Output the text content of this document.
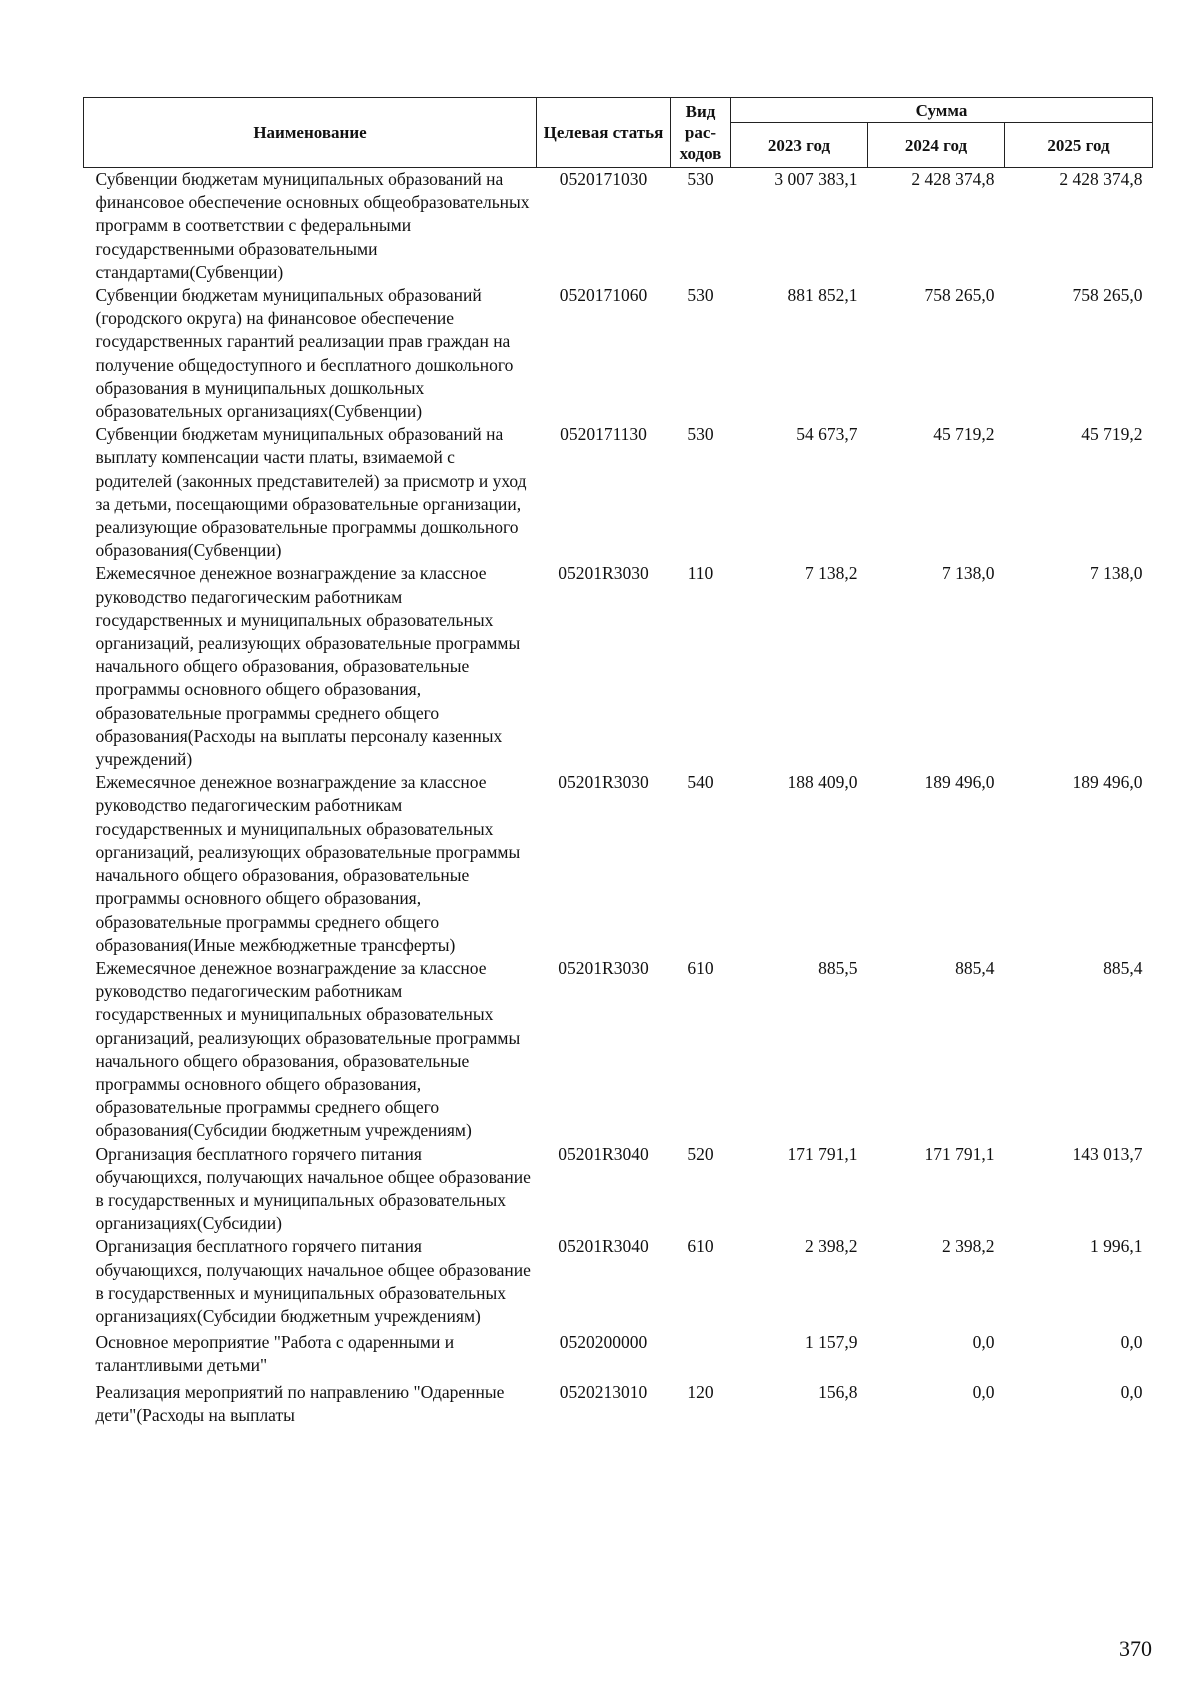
Наименование	Целевая статья	Вид рас-ходов	Сумма		
			2023 год	2024 год	2025 год
Субвенции бюджетам муниципальных образований на финансовое обеспечение основных общеобразовательных программ в соответствии с федеральными государственными образовательными стандартами(Субвенции)	0520171030	530	3 007 383,1	2 428 374,8	2 428 374,8
Субвенции бюджетам муниципальных образований (городского округа) на финансовое обеспечение государственных гарантий реализации прав граждан на получение общедоступного и бесплатного дошкольного образования в муниципальных дошкольных образовательных организациях(Субвенции)	0520171060	530	881 852,1	758 265,0	758 265,0
Субвенции бюджетам муниципальных образований на выплату компенсации части платы, взимаемой с родителей (законных представителей) за присмотр и уход за детьми, посещающими образовательные организации, реализующие образовательные программы дошкольного образования(Субвенции)	0520171130	530	54 673,7	45 719,2	45 719,2
Ежемесячное денежное вознаграждение за классное руководство педагогическим работникам государственных и муниципальных образовательных организаций, реализующих образовательные программы начального общего образования, образовательные программы основного общего образования, образовательные программы среднего общего образования(Расходы на выплаты персоналу казенных учреждений)	05201R3030	110	7 138,2	7 138,0	7 138,0
Ежемесячное денежное вознаграждение за классное руководство педагогическим работникам государственных и муниципальных образовательных организаций, реализующих образовательные программы начального общего образования, образовательные программы основного общего образования, образовательные программы среднего общего образования(Иные межбюджетные трансферты)	05201R3030	540	188 409,0	189 496,0	189 496,0
Ежемесячное денежное вознаграждение за классное руководство педагогическим работникам государственных и муниципальных образовательных организаций, реализующих образовательные программы начального общего образования, образовательные программы основного общего образования, образовательные программы среднего общего образования(Субсидии бюджетным учреждениям)	05201R3030	610	885,5	885,4	885,4
Организация бесплатного горячего питания обучающихся, получающих начальное общее образование в государственных и муниципальных образовательных организациях(Субсидии)	05201R3040	520	171 791,1	171 791,1	143 013,7
Организация бесплатного горячего питания обучающихся, получающих начальное общее образование в государственных и муниципальных образовательных организациях(Субсидии бюджетным учреждениям)	05201R3040	610	2 398,2	2 398,2	1 996,1
Основное мероприятие "Работа с одаренными и талантливыми детьми"	0520200000		1 157,9	0,0	0,0
Реализация мероприятий по направлению "Одаренные дети"(Расходы на выплаты	0520213010	120	156,8	0,0	0,0
370
